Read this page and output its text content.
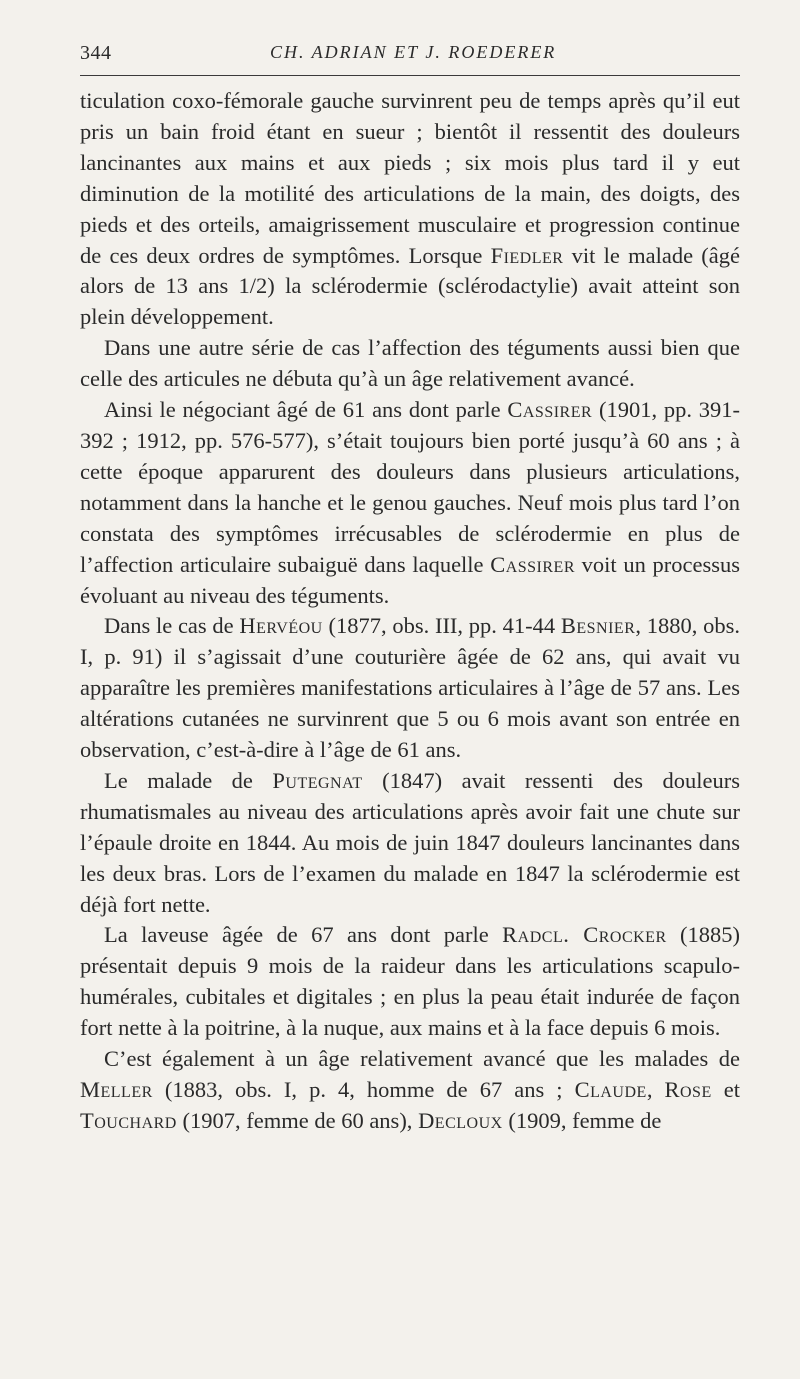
344	CH. ADRIAN ET J. ROEDERER

ticulation coxo-fémorale gauche survinrent peu de temps après qu’il eut pris un bain froid étant en sueur ; bientôt il ressentit des douleurs lancinantes aux mains et aux pieds ; six mois plus tard il y eut diminution de la motilité des articulations de la main, des doigts, des pieds et des orteils, amaigrissement musculaire et progression continue de ces deux ordres de symptômes. Lorsque Fiedler vit le malade (âgé alors de 13 ans 1/2) la sclérodermie (sclérodactylie) avait atteint son plein développement.

Dans une autre série de cas l’affection des téguments aussi bien que celle des articules ne débuta qu’à un âge relativement avancé.

Ainsi le négociant âgé de 61 ans dont parle Cassirer (1901, pp. 391-392 ; 1912, pp. 576-577), s’était toujours bien porté jusqu’à 60 ans ; à cette époque apparurent des douleurs dans plusieurs articulations, notamment dans la hanche et le genou gauches. Neuf mois plus tard l’on constata des symptômes irrécusables de sclérodermie en plus de l’affection articulaire subaiguë dans laquelle Cassirer voit un processus évoluant au niveau des téguments.

Dans le cas de Hervéou (1877, obs. III, pp. 41-44 Besnier, 1880, obs. I, p. 91) il s’agissait d’une couturière âgée de 62 ans, qui avait vu apparaître les premières manifestations articulaires à l’âge de 57 ans. Les altérations cutanées ne survinrent que 5 ou 6 mois avant son entrée en observation, c’est-à-dire à l’âge de 61 ans.

Le malade de Putegnat (1847) avait ressenti des douleurs rhumatismales au niveau des articulations après avoir fait une chute sur l’épaule droite en 1844. Au mois de juin 1847 douleurs lancinantes dans les deux bras. Lors de l’examen du malade en 1847 la sclérodermie est déjà fort nette.

La laveuse âgée de 67 ans dont parle Radcl. Crocker (1885) présentait depuis 9 mois de la raideur dans les articulations scapulo-humérales, cubitales et digitales ; en plus la peau était indurée de façon fort nette à la poitrine, à la nuque, aux mains et à la face depuis 6 mois.

C’est également à un âge relativement avancé que les malades de Meller (1883, obs. I, p. 4, homme de 67 ans ; Claude, Rose et Touchard (1907, femme de 60 ans), Decloux (1909, femme de
